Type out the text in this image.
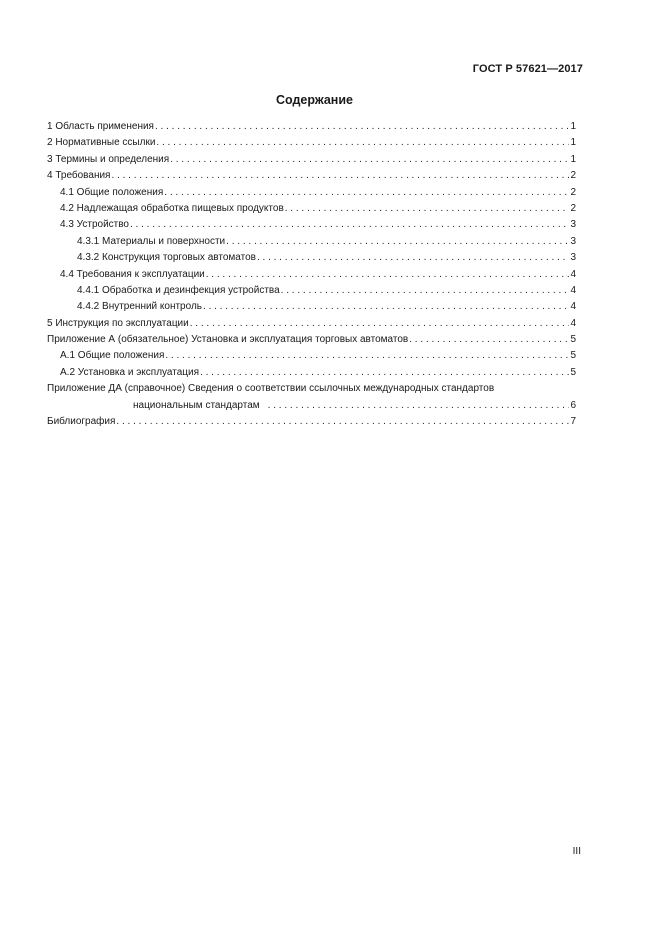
ГОСТ Р 57621—2017
Содержание
1 Область применения . . .	1
2 Нормативные ссылки . . .	1
3 Термины и определения . . .	1
4 Требования . . .	2
4.1 Общие положения . . .	2
4.2 Надлежащая обработка пищевых продуктов . . .	2
4.3 Устройство . . .	3
4.3.1 Материалы и поверхности . . .	3
4.3.2 Конструкция торговых автоматов . . .	3
4.4 Требования к эксплуатации . . .	4
4.4.1 Обработка и дезинфекция устройства . . .	4
4.4.2 Внутренний контроль . . .	4
5 Инструкция по эксплуатации . . .	4
Приложение А (обязательное) Установка и эксплуатация торговых автоматов . . .	5
А.1 Общие положения . . .	5
А.2 Установка и эксплуатация . . .	5
Приложение ДА (справочное) Сведения о соответствии ссылочных международных стандартов
национальным стандартам . . .	6
Библиография . . .	7
III
